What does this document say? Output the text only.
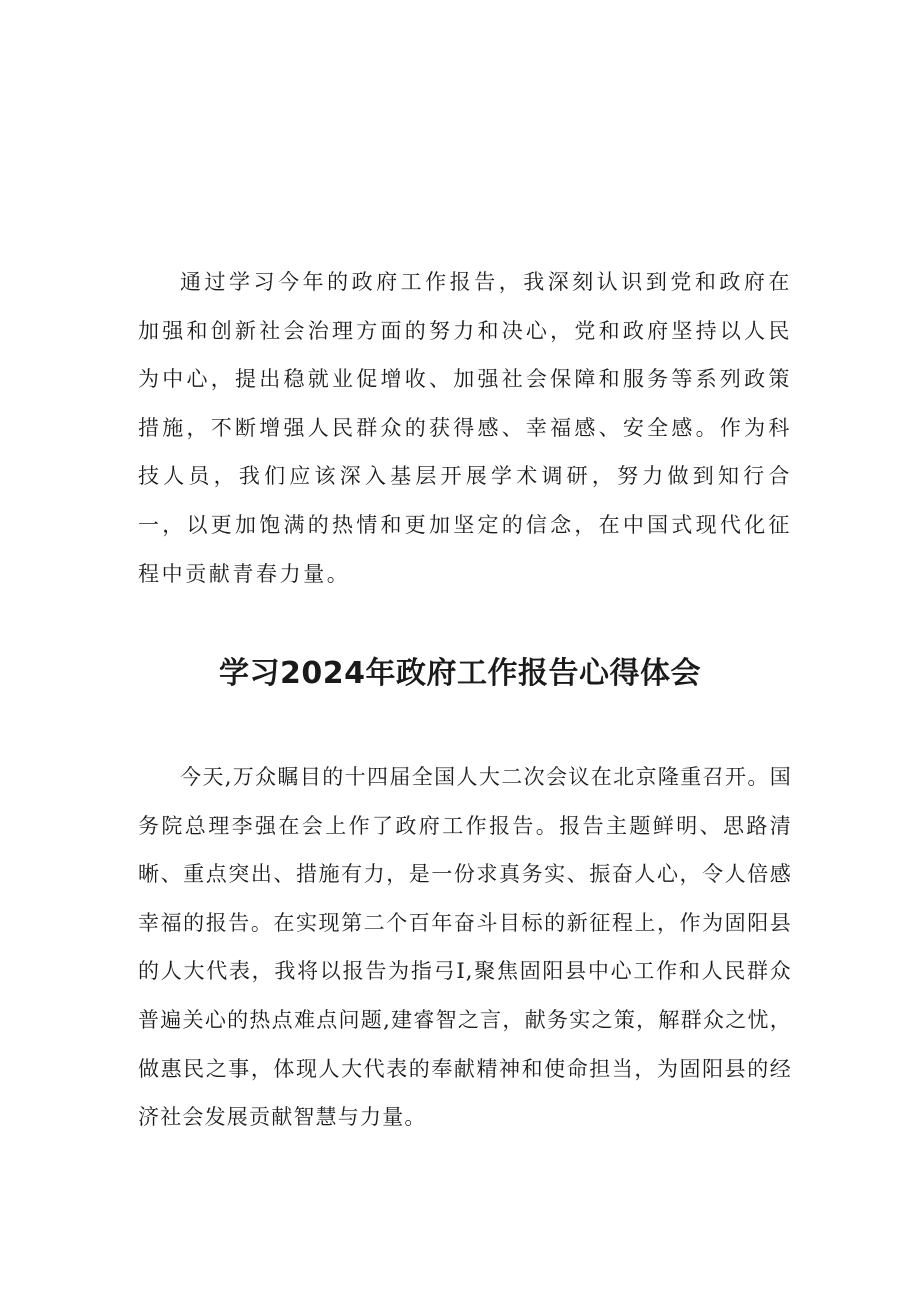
通过学习今年的政府工作报告，我深刻认识到党和政府在加强和创新社会治理方面的努力和决心，党和政府坚持以人民为中心，提出稳就业促增收、加强社会保障和服务等系列政策措施，不断增强人民群众的获得感、幸福感、安全感。作为科技人员，我们应该深入基层开展学术调研，努力做到知行合一，以更加饱满的热情和更加坚定的信念，在中国式现代化征程中贡献青春力量。

学习2024年政府工作报告心得体会

今天,万众瞩目的十四届全国人大二次会议在北京隆重召开。国务院总理李强在会上作了政府工作报告。报告主题鲜明、思路清晰、重点突出、措施有力，是一份求真务实、振奋人心，令人倍感幸福的报告。在实现第二个百年奋斗目标的新征程上，作为固阳县的人大代表，我将以报告为指弓I,聚焦固阳县中心工作和人民群众普遍关心的热点难点问题,建睿智之言，献务实之策，解群众之忧，做惠民之事，体现人大代表的奉献精神和使命担当，为固阳县的经济社会发展贡献智慧与力量。
